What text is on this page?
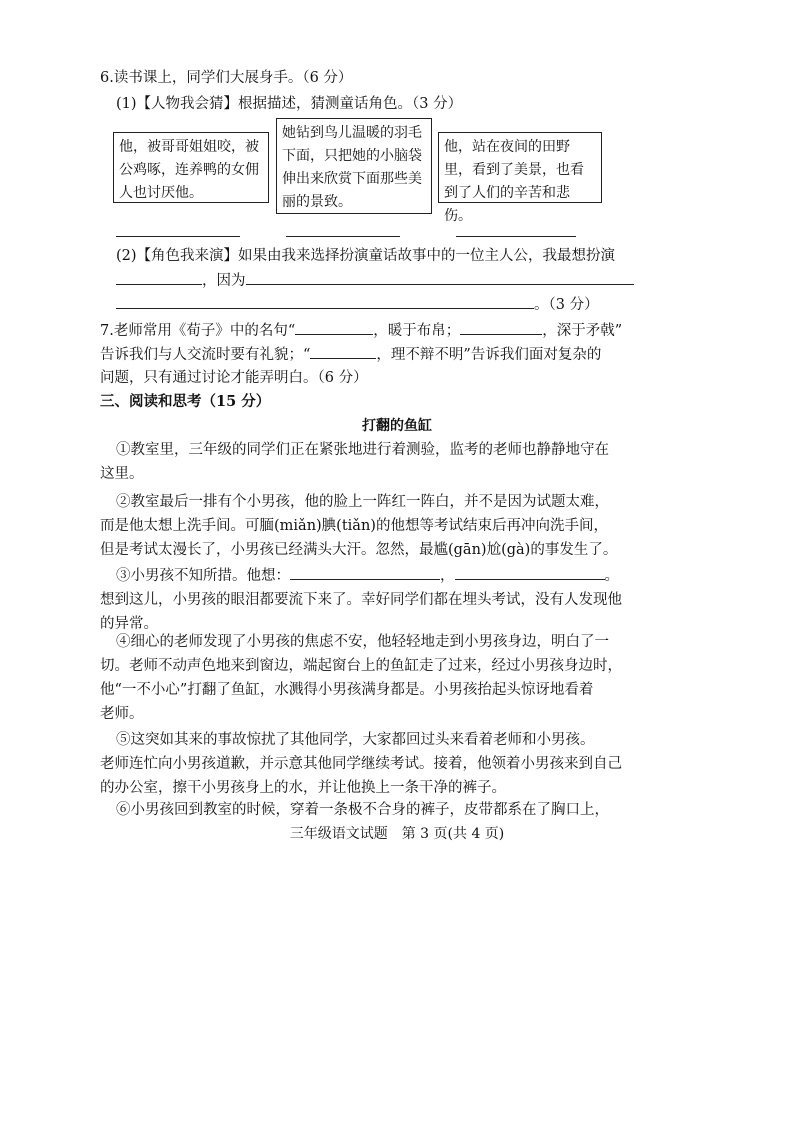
6.读书课上，同学们大展身手。（6 分）
(1)【人物我会猜】根据描述，猜测童话角色。（3 分）
他，被哥哥姐姐咬，被公鸡啄，连养鸭的女佣人也讨厌他。
她钻到鸟儿温暖的羽毛下面，只把她的小脑袋伸出来欣赏下面那些美丽的景致。
他，站在夜间的田野里，看到了美景，也看到了人们的辛苦和悲伤。
(2)【角色我来演】如果由我来选择扮演童话故事中的一位主人公，我最想扮演
，因为
。（3 分）
7.老师常用《荀子》中的名句“	，暖于布帛；	，深于矛戟”
告诉我们与人交流时要有礼貌；“	，理不辩不明”告诉我们面对复杂的
问题，只有通过讨论才能弄明白。（6 分）
三、阅读和思考（15 分）
打翻的鱼缸
①教室里，三年级的同学们正在紧张地进行着测验，监考的老师也静静地守在
这里。
②教室最后一排有个小男孩，他的脸上一阵红一阵白，并不是因为试题太难，
而是他太想上洗手间。可腼(miǎn)腆(tiǎn)的他想等考试结束后再冲向洗手间，
但是考试太漫长了，小男孩已经满头大汗。忽然，最尴(gān)尬(gà)的事发生了。
③小男孩不知所措。他想：	，	。
想到这儿，小男孩的眼泪都要流下来了。幸好同学们都在埋头考试，没有人发现他
的异常。
④细心的老师发现了小男孩的焦虑不安，他轻轻地走到小男孩身边，明白了一
切。老师不动声色地来到窗边，端起窗台上的鱼缸走了过来，经过小男孩身边时，
他“一不小心”打翻了鱼缸，水溅得小男孩满身都是。小男孩抬起头惊讶地看着
老师。
⑤这突如其来的事故惊扰了其他同学，大家都回过头来看着老师和小男孩。
老师连忙向小男孩道歉，并示意其他同学继续考试。接着，他领着小男孩来到自己
的办公室，擦干小男孩身上的水，并让他换上一条干净的裤子。
⑥小男孩回到教室的时候，穿着一条极不合身的裤子，皮带都系在了胸口上，
三年级语文试题　第 3 页(共 4 页)
